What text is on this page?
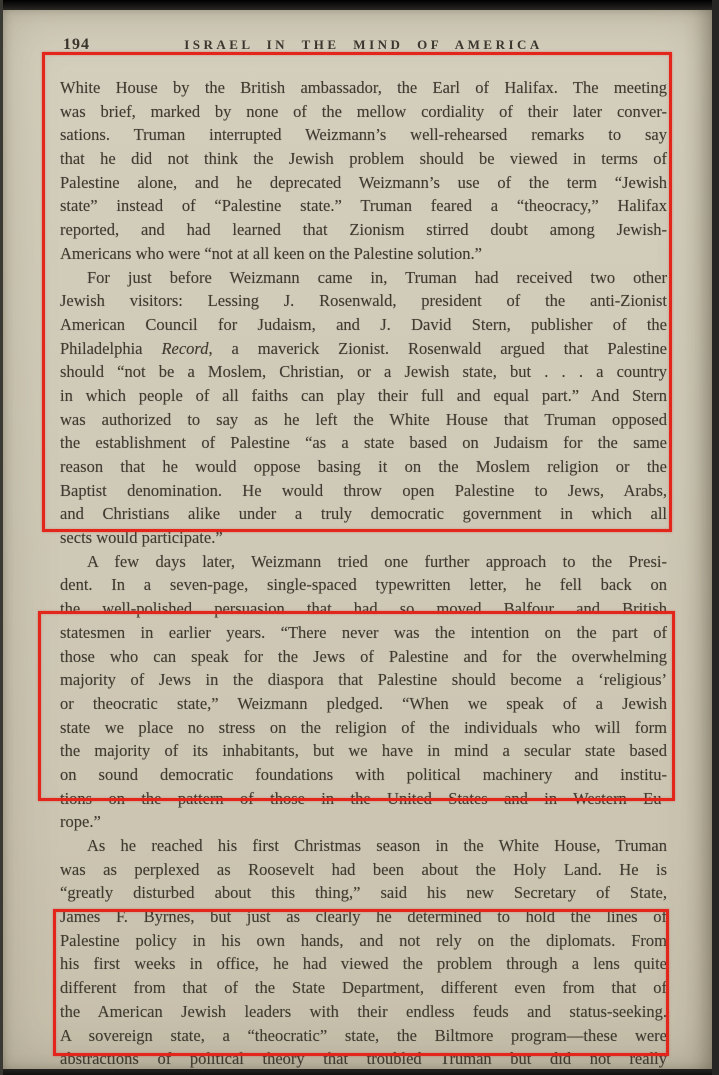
194	ISRAEL IN THE MIND OF AMERICA
White House by the British ambassador, the Earl of Halifax. The meeting
was brief, marked by none of the mellow cordiality of their later conver-
sations. Truman interrupted Weizmann’s well-rehearsed remarks to say
that he did not think the Jewish problem should be viewed in terms of
Palestine alone, and he deprecated Weizmann’s use of the term “Jewish
state” instead of “Palestine state.” Truman feared a “theocracy,” Halifax
reported, and had learned that Zionism stirred doubt among Jewish-
Americans who were “not at all keen on the Palestine solution.”
For just before Weizmann came in, Truman had received two other
Jewish visitors: Lessing J. Rosenwald, president of the anti-Zionist
American Council for Judaism, and J. David Stern, publisher of the
Philadelphia Record, a maverick Zionist. Rosenwald argued that Palestine
should “not be a Moslem, Christian, or a Jewish state, but . . . a country
in which people of all faiths can play their full and equal part.” And Stern
was authorized to say as he left the White House that Truman opposed
the establishment of Palestine “as a state based on Judaism for the same
reason that he would oppose basing it on the Moslem religion or the
Baptist denomination. He would throw open Palestine to Jews, Arabs,
and Christians alike under a truly democratic government in which all
sects would participate.”
A few days later, Weizmann tried one further approach to the Presi-
dent. In a seven-page, single-spaced typewritten letter, he fell back on
the well-polished persuasion that had so moved Balfour and British
statesmen in earlier years. “There never was the intention on the part of
those who can speak for the Jews of Palestine and for the overwhelming
majority of Jews in the diaspora that Palestine should become a ‘religious’
or theocratic state,” Weizmann pledged. “When we speak of a Jewish
state we place no stress on the religion of the individuals who will form
the majority of its inhabitants, but we have in mind a secular state based
on sound democratic foundations with political machinery and institu-
tions on the pattern of those in the United States and in Western Eu-
rope.”
As he reached his first Christmas season in the White House, Truman
was as perplexed as Roosevelt had been about the Holy Land. He is
“greatly disturbed about this thing,” said his new Secretary of State,
James F. Byrnes, but just as clearly he determined to hold the lines of
Palestine policy in his own hands, and not rely on the diplomats. From
his first weeks in office, he had viewed the problem through a lens quite
different from that of the State Department, different even from that of
the American Jewish leaders with their endless feuds and status-seeking.
A sovereign state, a “theocratic” state, the Biltmore program—these were
abstractions of political theory that troubled Truman but did not really
